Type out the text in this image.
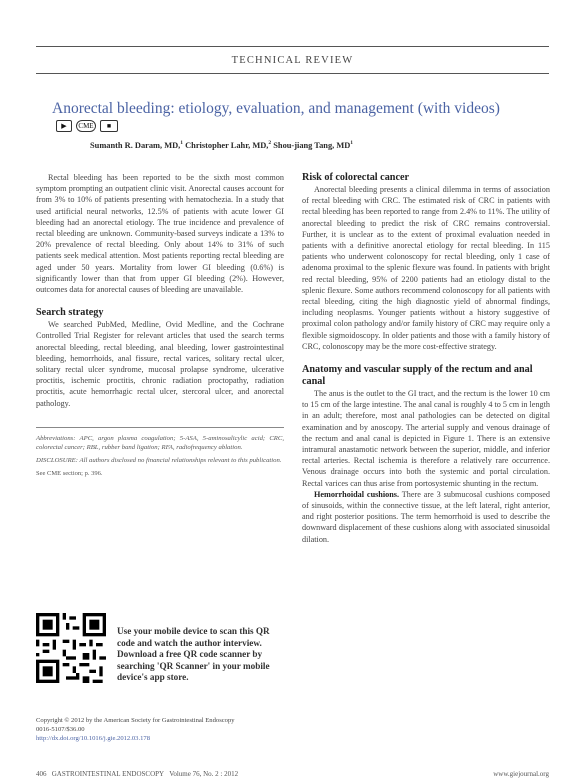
TECHNICAL REVIEW
Anorectal bleeding: etiology, evaluation, and management (with videos)
▶	CME	■
Sumanth R. Daram, MD,$^1$ Christopher Lahr, MD,$^2$ Shou-jiang Tang, $MD^1$

Rectal bleeding has been reported to be the sixth most common symptom prompting an outpatient clinic visit. Anorectal causes account for from 3% to 10% of patients presenting with hematochezia. In a study that used artificial neural networks, 12.5% of patients with acute lower GI bleeding had an anorectal etiology. The true incidence and prevalence of rectal bleeding are unknown. Community-based surveys indicate a 13% to 20% prevalence of rectal bleeding. Only about 14% to 31% of such patients seek medical attention. Most patients reporting rectal bleeding are aged under 50 years. Mortality from lower GI bleeding (0.6%) is significantly lower than that from upper GI bleeding (2%). However, outcomes data for anorectal causes of bleeding are unavailable.

Search strategy

We searched PubMed, Medline, Ovid Medline, and the Cochrane Controlled Trial Register for relevant articles that used the search terms anorectal bleeding, rectal bleeding, anal bleeding, lower gastrointestinal bleeding, hemorrhoids, anal fissure, rectal varices, solitary rectal ulcer, solitary rectal ulcer syndrome, mucosal prolapse syndrome, ulcerative proctitis, ischemic proctitis, chronic radiation proctopathy, radiation proctitis, acute hemorrhagic rectal ulcer, stercoral ulcer, and anorectal pathology.

Abbreviations: APC, argon plasma coagulation; 5-ASA, 5-aminosalicylic acid; CRC, colorectal cancer; RBL, rubber band ligation; RFA, radiofrequency ablation.

DISCLOSURE: All authors disclosed no financial relationships relevant to this publication.

See CME section; p. 396.

Use your mobile device to scan this QR code and watch the author interview. Download a free QR code scanner by searching 'QR Scanner' in your mobile device's app store.
Copyright © 2012 by the American Society for Gastrointestinal Endoscopy
0016-5107/$36.00
http://dx.doi.org/10.1016/j.gie.2012.03.178
Risk of colorectal cancer

Anorectal bleeding presents a clinical dilemma in terms of association of rectal bleeding with CRC. The estimated risk of CRC in patients with rectal bleeding has been reported to range from 2.4% to 11%. The utility of anorectal bleeding to predict the risk of CRC remains controversial. Further, it is unclear as to the extent of proximal evaluation needed in patients with a definitive anorectal etiology for rectal bleeding. In 115 patients who underwent colonoscopy for rectal bleeding, only 1 case of adenoma proximal to the splenic flexure was found. In patients with bright red rectal bleeding, 95% of 2200 patients had an etiology distal to the splenic flexure. Some authors recommend colonoscopy for all patients with rectal bleeding, citing the high diagnostic yield of abnormal findings, including neoplasms. Younger patients without a history suggestive of proximal colon pathology and/or family history of CRC may require only a flexible sigmoidoscopy. In older patients and those with a family history of CRC, colonoscopy may be the more cost-effective strategy.

Anatomy and vascular supply of the rectum and anal canal

The anus is the outlet to the GI tract, and the rectum is the lower 10 cm to 15 cm of the large intestine. The anal canal is roughly 4 to 5 cm in length in an adult; therefore, most anal pathologies can be detected on digital examination and by anoscopy. The arterial supply and venous drainage of the rectum and anal canal is depicted in Figure 1. There is an extensive intramural anastamotic network between the superior, middle, and inferior rectal arteries. Rectal ischemia is therefore a relatively rare occurrence. Venous drainage occurs into both the systemic and portal circulation. Rectal varices can thus arise from portosystemic shunting in the rectum.

Hemorrhoidal cushions. There are 3 submucosal cushions composed of sinusoids, within the connective tissue, at the left lateral, right anterior, and right posterior positions. The term hemorrhoid is used to describe the downward displacement of these cushions along with associated sinusoidal dilation.

406 GASTROINTESTINAL ENDOSCOPY Volume 76, No. 2 : 2012	www.giejournal.org
